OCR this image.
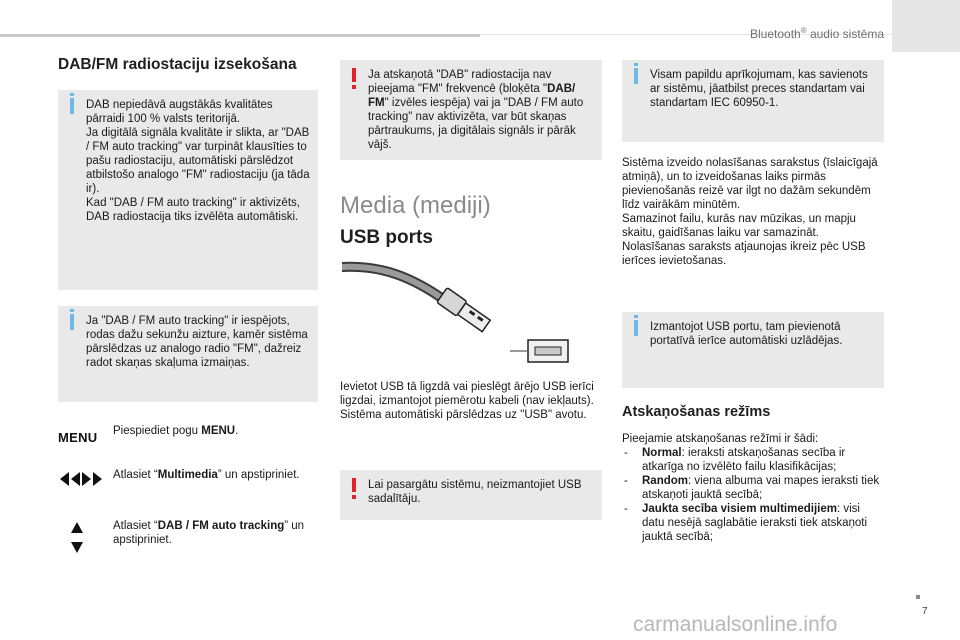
Bluetooth® audio sistēma
DAB/FM radiostaciju izsekošana

DAB nepiedāvā augstākās kvalitātes pārraidi 100 % valsts teritorijā.

Ja digitālā signāla kvalitāte ir slikta, ar "DAB / FM auto tracking" var turpināt klausīties to pašu radiostaciju, automātiski pārslēdzot atbilstošo analogo "FM" radiostaciju (ja tāda ir).

Kad "DAB / FM auto tracking" ir aktivizēts, DAB radiostacija tiks izvēlēta automātiski.

Ja "DAB / FM auto tracking" ir iespējots, rodas dažu sekunžu aizture, kamēr sistēma pārslēdzas uz analogo radio "FM", dažreiz radot skaņas skaļuma izmaiņas.

MENU Piespiediet pogu MENU.
Atlasiet “Multimedia” un apstipriniet.
Atlasiet “DAB / FM auto tracking” un apstipriniet.

Ja atskaņotā "DAB" radiostacija nav pieejama "FM" frekvencē (bloķēta "DAB/ FM" izvēles iespēja) vai ja "DAB / FM auto tracking" nav aktivizēta, var būt skaņas pārtraukums, ja digitālais signāls ir pārāk vājš.

Media (mediji)
USB ports

Ievietot USB tā ligzdā vai pieslēgt ārējo USB ierīci ligzdai, izmantojot piemērotu kabeli (nav iekļauts).

Sistēma automātiski pārslēdzas uz "USB" avotu.

Lai pasargātu sistēmu, neizmantojiet USB sadalītāju.

Visam papildu aprīkojumam, kas savienots ar sistēmu, jāatbilst preces standartam vai standartam IEC 60950-1.

Sistēma izveido nolasīšanas sarakstus (īslaicīgajā atmiņā), un to izveidošanas laiks pirmās pievienošanās reizē var ilgt no dažām sekundēm līdz vairākām minūtēm.

Samazinot failu, kurās nav mūzikas, un mapju skaitu, gaidīšanas laiku var samazināt.

Nolasīšanas saraksts atjaunojas ikreiz pēc USB ierīces ievietošanas.

Izmantojot USB portu, tam pievienotā portatīvā ierīce automātiski uzlādējas.

Atskaņošanas režīms

Pieejamie atskaņošanas režīmi ir šādi:

- Normal: ieraksti atskaņošanas secība ir atkarīga no izvēlēto failu klasifikācijas;
- Random: viena albuma vai mapes ieraksti tiek atskaņoti jauktā secībā;
- Jaukta secība visiem multimedijiem: visi datu nesējā saglabātie ieraksti tiek atskaņoti jauktā secībā;
7
carmanualsonline.info
